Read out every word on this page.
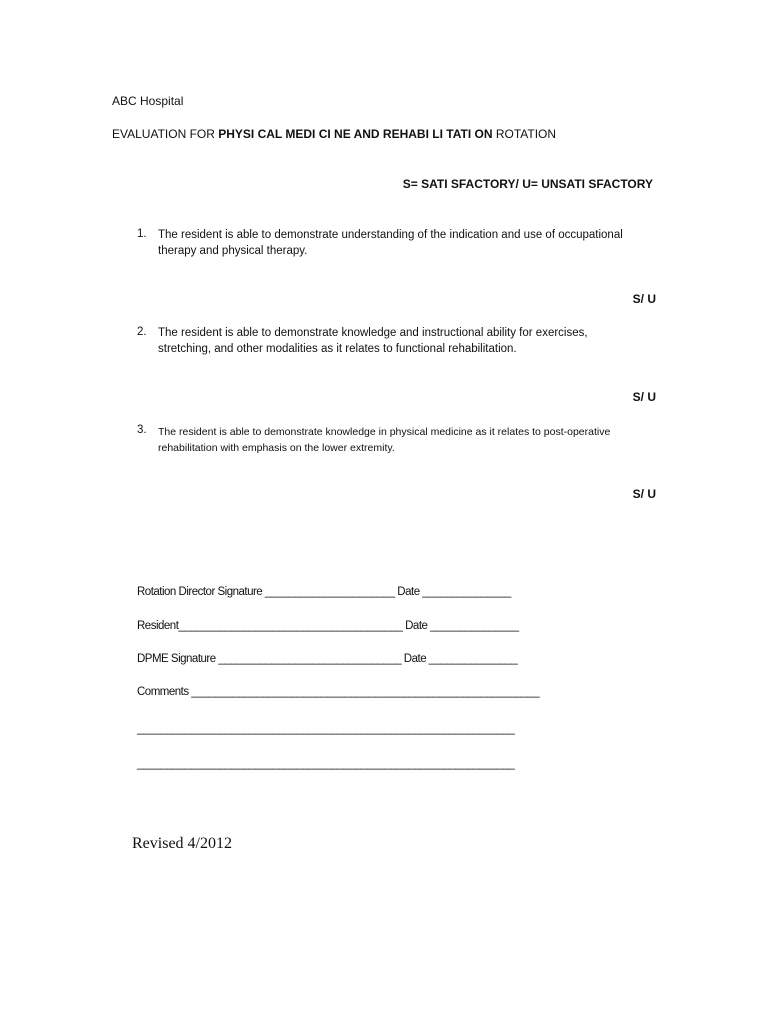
ABC Hospital
EVALUATION FOR PHYSI CAL MEDI CI NE AND REHABI LI TATI ON ROTATION
S= SATI SFACTORY/ U= UNSATI SFACTORY
1. The resident is able to demonstrate understanding of the indication and use of occupational therapy and physical therapy.
S/ U
2. The resident is able to demonstrate knowledge and instructional ability for exercises, stretching, and other modalities as it relates to functional rehabilitation.
S/ U
3. The resident is able to demonstrate knowledge in physical medicine as it relates to post-operative rehabilitation with emphasis on the lower extremity.
S/ U
Rotation Director Signature ______________________ Date _______________
Resident______________________________________ Date _______________
DPME Signature _______________________________ Date _______________
Comments ___________________________________________________________
________________________________________________________________
________________________________________________________________
Revised 4/2012
